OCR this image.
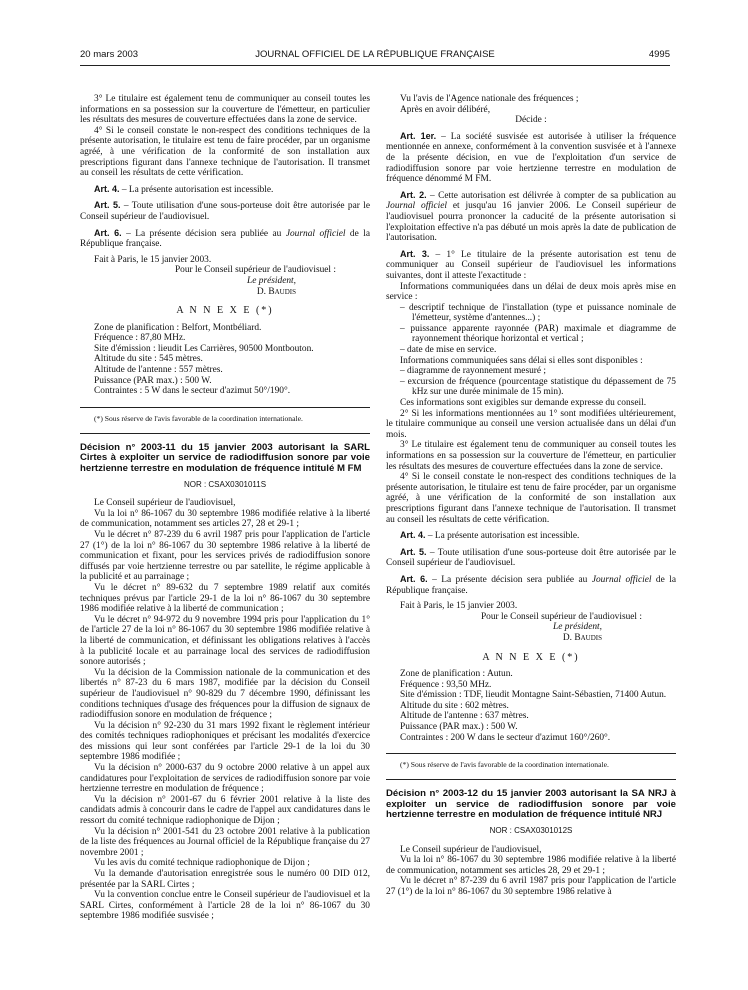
20 mars 2003	JOURNAL OFFICIEL DE LA RÉPUBLIQUE FRANÇAISE	4995

3° Le titulaire est également tenu de communiquer au conseil toutes les informations en sa possession sur la couverture de l'émetteur, en particulier les résultats des mesures de couverture effectuées dans la zone de service.

4° Si le conseil constate le non-respect des conditions techniques de la présente autorisation, le titulaire est tenu de faire procéder, par un organisme agréé, à une vérification de la conformité de son installation aux prescriptions figurant dans l'annexe technique de l'autorisation. Il transmet au conseil les résultats de cette vérification.

Art. 4. – La présente autorisation est incessible.

Art. 5. – Toute utilisation d'une sous-porteuse doit être autorisée par le Conseil supérieur de l'audiovisuel.

Art. 6. – La présente décision sera publiée au Journal officiel de la République française.

Fait à Paris, le 15 janvier 2003.

Pour le Conseil supérieur de l'audiovisuel :

Le président,

D. Baudis

A N N E X E (*)

Zone de planification : Belfort, Montbéliard.

Fréquence : 87,80 MHz.

Site d'émission : lieudit Les Carrières, 90500 Montbouton.

Altitude du site : 545 mètres.

Altitude de l'antenne : 557 mètres.

Puissance (PAR max.) : 500 W.

Contraintes : 5 W dans le secteur d'azimut 50°/190°.

(*) Sous réserve de l'avis favorable de la coordination internationale.

Décision n° 2003-11 du 15 janvier 2003 autorisant la SARL Cirtes à exploiter un service de radiodiffusion sonore par voie hertzienne terrestre en modulation de fréquence intitulé M FM

NOR : CSAX0301011S

Le Conseil supérieur de l'audiovisuel,

Vu la loi n° 86-1067 du 30 septembre 1986 modifiée relative à la liberté de communication, notamment ses articles 27, 28 et 29-1 ;

Vu le décret n° 87-239 du 6 avril 1987 pris pour l'application de l'article 27 (1°) de la loi n° 86-1067 du 30 septembre 1986 relative à la liberté de communication et fixant, pour les services privés de radiodiffusion sonore diffusés par voie hertzienne terrestre ou par satellite, le régime applicable à la publicité et au parrainage ;

Vu le décret n° 89-632 du 7 septembre 1989 relatif aux comités techniques prévus par l'article 29-1 de la loi n° 86-1067 du 30 septembre 1986 modifiée relative à la liberté de communication ;

Vu le décret n° 94-972 du 9 novembre 1994 pris pour l'application du 1° de l'article 27 de la loi n° 86-1067 du 30 septembre 1986 modifiée relative à la liberté de communication, et définissant les obligations relatives à l'accès à la publicité locale et au parrainage local des services de radiodiffusion sonore autorisés ;

Vu la décision de la Commission nationale de la communication et des libertés n° 87-23 du 6 mars 1987, modifiée par la décision du Conseil supérieur de l'audiovisuel n° 90-829 du 7 décembre 1990, définissant les conditions techniques d'usage des fréquences pour la diffusion de signaux de radiodiffusion sonore en modulation de fréquence ;

Vu la décision n° 92-230 du 31 mars 1992 fixant le règlement intérieur des comités techniques radiophoniques et précisant les modalités d'exercice des missions qui leur sont conférées par l'article 29-1 de la loi du 30 septembre 1986 modifiée ;

Vu la décision n° 2000-637 du 9 octobre 2000 relative à un appel aux candidatures pour l'exploitation de services de radiodiffusion sonore par voie hertzienne terrestre en modulation de fréquence ;

Vu la décision n° 2001-67 du 6 février 2001 relative à la liste des candidats admis à concourir dans le cadre de l'appel aux candidatures dans le ressort du comité technique radiophonique de Dijon ;

Vu la décision n° 2001-541 du 23 octobre 2001 relative à la publication de la liste des fréquences au Journal officiel de la République française du 27 novembre 2001 ;

Vu les avis du comité technique radiophonique de Dijon ;

Vu la demande d'autorisation enregistrée sous le numéro 00 DID 012, présentée par la SARL Cirtes ;

Vu la convention conclue entre le Conseil supérieur de l'audiovisuel et la SARL Cirtes, conformément à l'article 28 de la loi n° 86-1067 du 30 septembre 1986 modifiée susvisée ;

Vu l'avis de l'Agence nationale des fréquences ;

Après en avoir délibéré,

Décide :

Art. 1er. – La société susvisée est autorisée à utiliser la fréquence mentionnée en annexe, conformément à la convention susvisée et à l'annexe de la présente décision, en vue de l'exploitation d'un service de radiodiffusion sonore par voie hertzienne terrestre en modulation de fréquence dénommé M FM.

Art. 2. – Cette autorisation est délivrée à compter de sa publication au Journal officiel et jusqu'au 16 janvier 2006. Le Conseil supérieur de l'audiovisuel pourra prononcer la caducité de la présente autorisation si l'exploitation effective n'a pas débuté un mois après la date de publication de l'autorisation.

Art. 3. – 1° Le titulaire de la présente autorisation est tenu de communiquer au Conseil supérieur de l'audiovisuel les informations suivantes, dont il atteste l'exactitude :

Informations communiquées dans un délai de deux mois après mise en service :

– descriptif technique de l'installation (type et puissance nominale de l'émetteur, système d'antennes...) ;

– puissance apparente rayonnée (PAR) maximale et diagramme de rayonnement théorique horizontal et vertical ;

– date de mise en service.

Informations communiquées sans délai si elles sont disponibles :

– diagramme de rayonnement mesuré ;

– excursion de fréquence (pourcentage statistique du dépassement de 75 kHz sur une durée minimale de 15 min).

Ces informations sont exigibles sur demande expresse du conseil.

2° Si les informations mentionnées au 1° sont modifiées ultérieurement, le titulaire communique au conseil une version actualisée dans un délai d'un mois.

3° Le titulaire est également tenu de communiquer au conseil toutes les informations en sa possession sur la couverture de l'émetteur, en particulier les résultats des mesures de couverture effectuées dans la zone de service.

4° Si le conseil constate le non-respect des conditions techniques de la présente autorisation, le titulaire est tenu de faire procéder, par un organisme agréé, à une vérification de la conformité de son installation aux prescriptions figurant dans l'annexe technique de l'autorisation. Il transmet au conseil les résultats de cette vérification.

Art. 4. – La présente autorisation est incessible.

Art. 5. – Toute utilisation d'une sous-porteuse doit être autorisée par le Conseil supérieur de l'audiovisuel.

Art. 6. – La présente décision sera publiée au Journal officiel de la République française.

Fait à Paris, le 15 janvier 2003.

Pour le Conseil supérieur de l'audiovisuel :

Le président,

D. Baudis

A N N E X E (*)

Zone de planification : Autun.

Fréquence : 93,50 MHz.

Site d'émission : TDF, lieudit Montagne Saint-Sébastien, 71400 Autun.

Altitude du site : 602 mètres.

Altitude de l'antenne : 637 mètres.

Puissance (PAR max.) : 500 W.

Contraintes : 200 W dans le secteur d'azimut 160°/260°.

(*) Sous réserve de l'avis favorable de la coordination internationale.

Décision n° 2003-12 du 15 janvier 2003 autorisant la SA NRJ à exploiter un service de radiodiffusion sonore par voie hertzienne terrestre en modulation de fréquence intitulé NRJ

NOR : CSAX0301012S

Le Conseil supérieur de l'audiovisuel,

Vu la loi n° 86-1067 du 30 septembre 1986 modifiée relative à la liberté de communication, notamment ses articles 28, 29 et 29-1 ;

Vu le décret n° 87-239 du 6 avril 1987 pris pour l'application de l'article 27 (1°) de la loi n° 86-1067 du 30 septembre 1986 relative à
